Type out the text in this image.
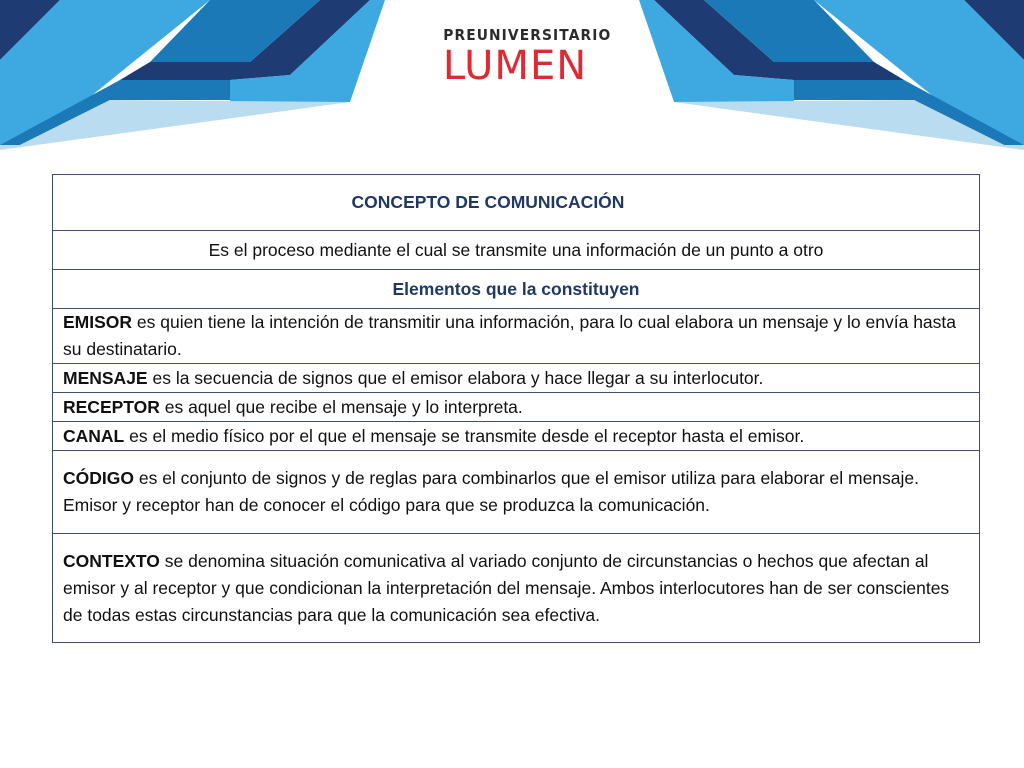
PREUNIVERSITARIO
LUMEN
CONCEPTO DE COMUNICACIÓN
Es el proceso mediante el cual se transmite una información de un punto a otro
Elementos que la constituyen
EMISOR es quien tiene la intención de transmitir una información, para lo cual elabora un mensaje y lo envía hasta su destinatario.
MENSAJE es la secuencia de signos que el emisor elabora y hace llegar a su interlocutor.
RECEPTOR es aquel que recibe el mensaje y lo interpreta.
CANAL es el medio físico por el que el mensaje se transmite desde el receptor hasta el emisor.
CÓDIGO es el conjunto de signos y de reglas para combinarlos que el emisor utiliza para elaborar el mensaje. Emisor y receptor han de conocer el código para que se produzca la comunicación.
CONTEXTO se denomina situación comunicativa al variado conjunto de circunstancias o hechos que afectan al emisor y al receptor y que condicionan la interpretación del mensaje. Ambos interlocutores han de ser conscientes de todas estas circunstancias para que la comunicación sea efectiva.
